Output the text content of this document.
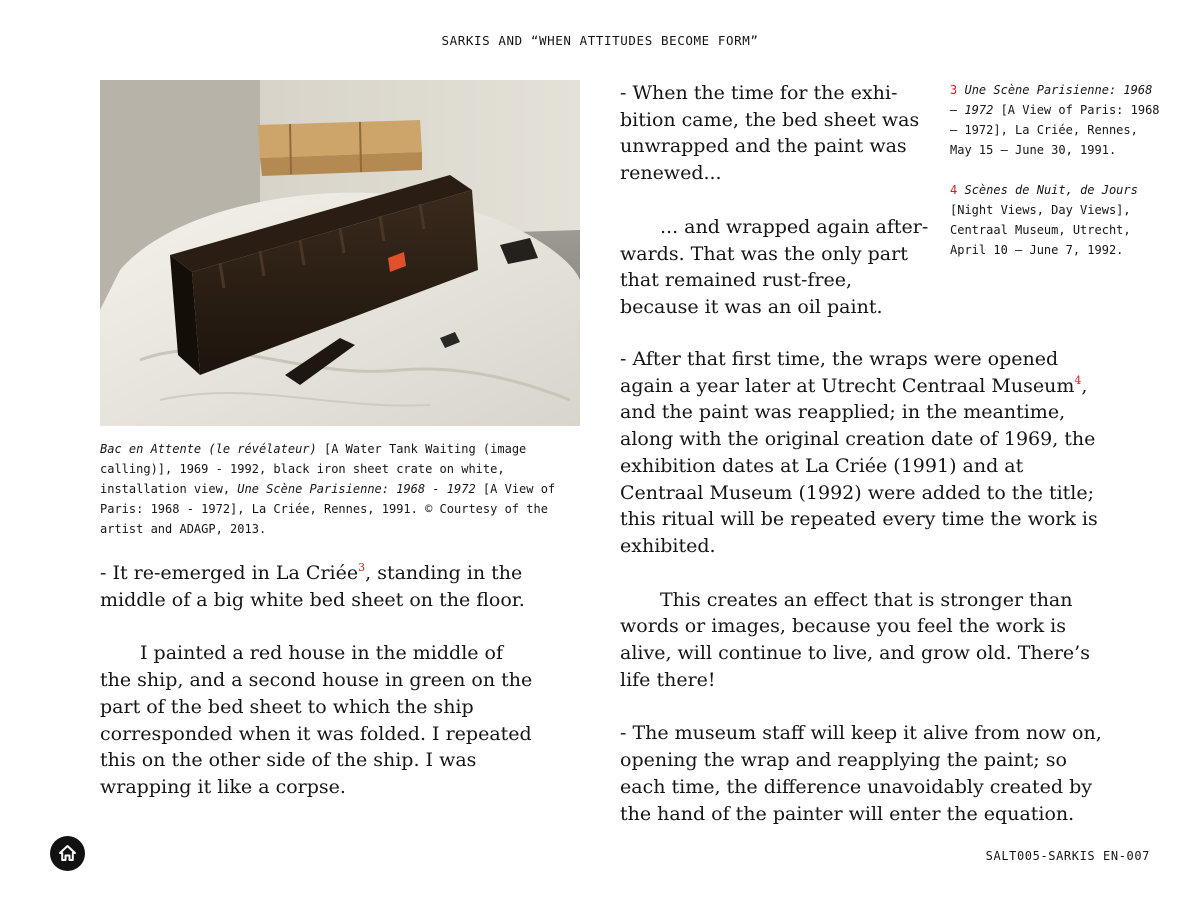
SARKIS AND “WHEN ATTITUDES BECOME FORM”
Bac en Attente (le révélateur) [A Water Tank Waiting (image calling)], 1969 - 1992, black iron sheet crate on white, installation view, Une Scène Parisienne: 1968 - 1972 [A View of Paris: 1968 - 1972], La Criée, Rennes, 1991. © Courtesy of the artist and ADAGP, 2013.

- It re-emerged in La Criée$^3$, standing in the middle of a big white bed sheet on the floor.

I painted a red house in the middle of the ship, and a second house in green on the part of the bed sheet to which the ship corresponded when it was folded. I repeated this on the other side of the ship. I was wrapping it like a corpse.

- When the time for the exhibition came, the bed sheet was unwrapped and the paint was renewed...

... and wrapped again afterwards. That was the only part that remained rust-free, because it was an oil paint.

3 Une Scène Parisienne: 1968 – 1972 [A View of Paris: 1968 – 1972], La Criée, Rennes, May 15 – June 30, 1991.
4 Scènes de Nuit, de Jours [Night Views, Day Views], Centraal Museum, Utrecht, April 10 – June 7, 1992.

- After that first time, the wraps were opened again a year later at Utrecht Centraal Museum$^4$, and the paint was reapplied; in the meantime, along with the original creation date of 1969, the exhibition dates at La Criée (1991) and at Centraal Museum (1992) were added to the title; this ritual will be repeated every time the work is exhibited.

This creates an effect that is stronger than words or images, because you feel the work is alive, will continue to live, and grow old. There’s life there!

- The museum staff will keep it alive from now on, opening the wrap and reapplying the paint; so each time, the difference unavoidably created by the hand of the painter will enter the equation.

SALT005-SARKIS EN-007
